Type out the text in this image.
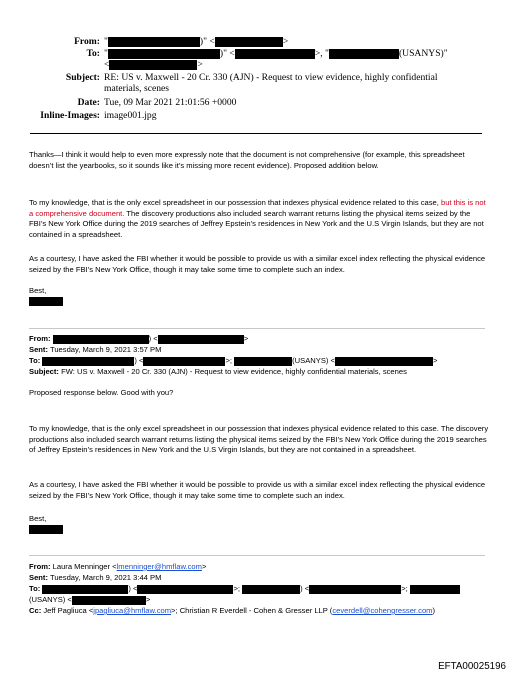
From: "	)" <	>
To: "	)" <	>, "	(USANYS)"
<	>
Subject: RE: US v. Maxwell - 20 Cr. 330 (AJN) - Request to view evidence, highly confidential
materials, scenes
Date: Tue, 09 Mar 2021 21:01:56 +0000
Inline-Images: image001.jpg

Thanks—I think it would help to even more expressly note that the document is not comprehensive (for example, this spreadsheet doesn’t list the yearbooks, so it sounds like it’s missing more recent evidence). Proposed addition below.

To my knowledge, that is the only excel spreadsheet in our possession that indexes physical evidence related to this case, but this is not a comprehensive document. The discovery productions also included search warrant returns listing the physical items seized by the FBI’s New York Office during the 2019 searches of Jeffrey Epstein’s residences in New York and the U.S Virgin Islands, but they are not contained in a spreadsheet.

As a courtesy, I have asked the FBI whether it would be possible to provide us with a similar excel index reflecting the physical evidence seized by the FBI’s New York Office, though it may take some time to complete such an index.

Best,

From:	) <	>
Sent: Tuesday, March 9, 2021 3:57 PM
To:	) <	>;	(USANYS) <	>
Subject: FW: US v. Maxwell - 20 Cr. 330 (AJN) - Request to view evidence, highly confidential materials, scenes

Proposed response below. Good with you?

To my knowledge, that is the only excel spreadsheet in our possession that indexes physical evidence related to this case. The discovery productions also included search warrant returns listing the physical items seized by the FBI’s New York Office during the 2019 searches of Jeffrey Epstein’s residences in New York and the U.S Virgin Islands, but they are not contained in a spreadsheet.

As a courtesy, I have asked the FBI whether it would be possible to provide us with a similar excel index reflecting the physical evidence seized by the FBI’s New York Office, though it may take some time to complete such an index.

Best,

From: Laura Menninger <lmenninger@hmflaw.com>
Sent: Tuesday, March 9, 2021 3:44 PM
To:	) <	>;	) <	>;
(USANYS) <	>
Cc: Jeff Pagliuca <jpagliuca@hmflaw.com>; Christian R Everdell - Cohen & Gresser LLP (ceverdell@cohengresser.com)
EFTA00025196
